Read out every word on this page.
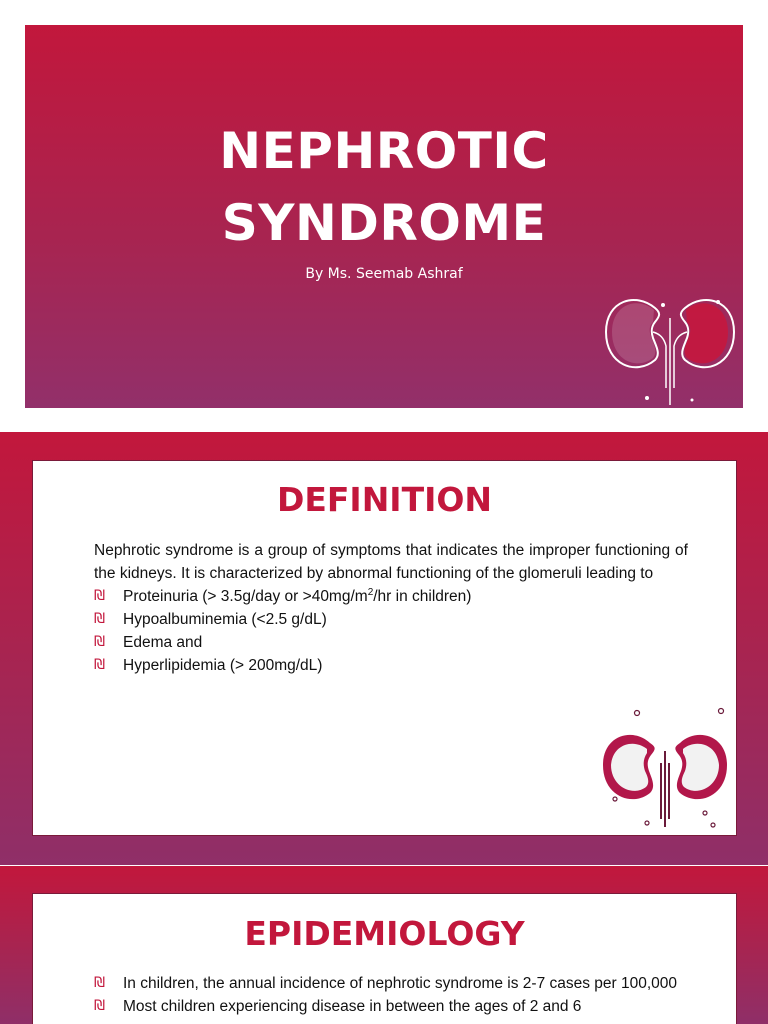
NEPHROTIC
SYNDROME
By Ms. Seemab Ashraf
DEFINITION

Nephrotic syndrome is a group of symptoms that indicates the improper functioning of the kidneys. It is characterized by abnormal functioning of the glomeruli leading to

₪ Proteinuria (> 3.5g/day or $>40mg/m^2/hr$ in children)
₪ Hypoalbuminemia (<2.5 g/dL)
₪ Edema and
₪ Hyperlipidemia (> 200mg/dL)
EPIDEMIOLOGY
₪ In children, the annual incidence of nephrotic syndrome is 2-7 cases per 100,000
₪ Most children experiencing disease in between the ages of 2 and 6
